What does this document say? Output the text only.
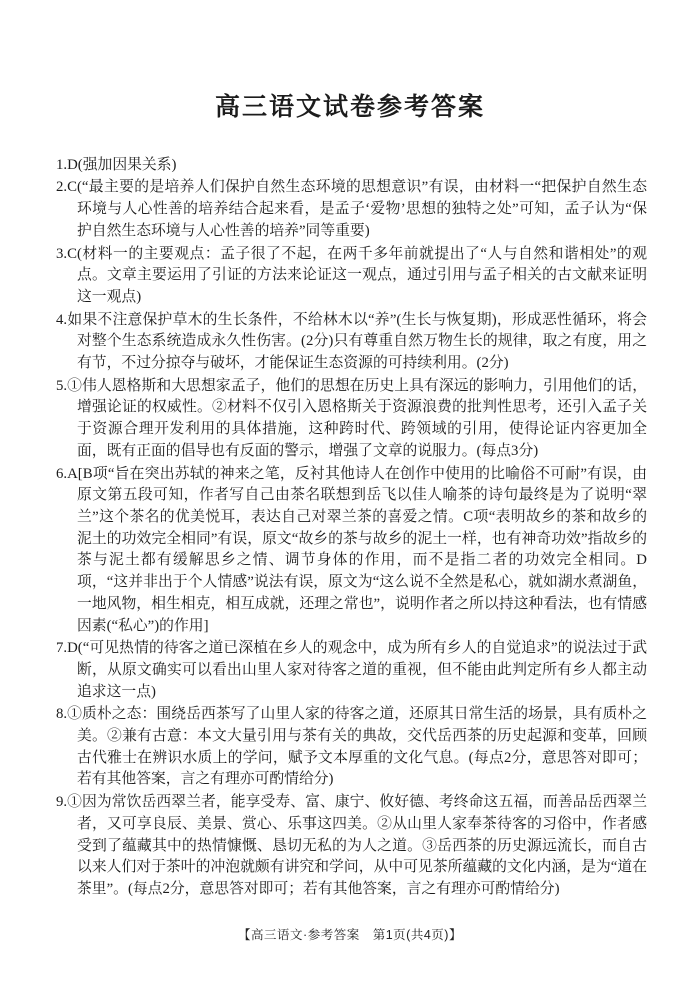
高三语文试卷参考答案

1.D(强加因果关系)

2.C(“最主要的是培养人们保护自然生态环境的思想意识”有误，由材料一“把保护自然生态环境与人心性善的培养结合起来看，是孟子‘爱物’思想的独特之处”可知，孟子认为“保护自然生态环境与人心性善的培养”同等重要)

3.C(材料一的主要观点：孟子很了不起，在两千多年前就提出了“人与自然和谐相处”的观点。文章主要运用了引证的方法来论证这一观点，通过引用与孟子相关的古文献来证明这一观点)

4.如果不注意保护草木的生长条件，不给林木以“养”(生长与恢复期)，形成恶性循环，将会对整个生态系统造成永久性伤害。(2分)只有尊重自然万物生长的规律，取之有度，用之有节，不过分掠夺与破坏，才能保证生态资源的可持续利用。(2分)

5.①伟人恩格斯和大思想家孟子，他们的思想在历史上具有深远的影响力，引用他们的话，增强论证的权威性。②材料不仅引入恩格斯关于资源浪费的批判性思考，还引入孟子关于资源合理开发利用的具体措施，这种跨时代、跨领域的引用，使得论证内容更加全面，既有正面的倡导也有反面的警示，增强了文章的说服力。(每点3分)

6.A[B项“旨在突出苏轼的神来之笔，反衬其他诗人在创作中使用的比喻俗不可耐”有误，由原文第五段可知，作者写自己由茶名联想到岳飞以佳人喻茶的诗句最终是为了说明“翠兰”这个茶名的优美悦耳，表达自己对翠兰茶的喜爱之情。C项“表明故乡的茶和故乡的泥土的功效完全相同”有误，原文“故乡的茶与故乡的泥土一样，也有神奇功效”指故乡的茶与泥土都有缓解思乡之情、调节身体的作用，而不是指二者的功效完全相同。D项，“这并非出于个人情感”说法有误，原文为“这么说不全然是私心，就如湖水煮湖鱼，一地风物，相生相克，相互成就，还理之常也”，说明作者之所以持这种看法，也有情感因素(“私心”)的作用]

7.D(“可见热情的待客之道已深植在乡人的观念中，成为所有乡人的自觉追求”的说法过于武断，从原文确实可以看出山里人家对待客之道的重视，但不能由此判定所有乡人都主动追求这一点)

8.①质朴之态：围绕岳西茶写了山里人家的待客之道，还原其日常生活的场景，具有质朴之美。②兼有古意：本文大量引用与茶有关的典故，交代岳西茶的历史起源和变革，回顾古代雅士在辨识水质上的学问，赋予文本厚重的文化气息。(每点2分，意思答对即可；若有其他答案，言之有理亦可酌情给分)

9.①因为常饮岳西翠兰者，能享受寿、富、康宁、攸好德、考终命这五福，而善品岳西翠兰者，又可享良辰、美景、赏心、乐事这四美。②从山里人家奉茶待客的习俗中，作者感受到了蕴藏其中的热情慷慨、恳切无私的为人之道。③岳西茶的历史源远流长，而自古以来人们对于茶叶的冲泡就颇有讲究和学问，从中可见茶所蕴藏的文化内涵，是为“道在茶里”。(每点2分，意思答对即可；若有其他答案，言之有理亦可酌情给分)

【高三语文·参考答案　第1页(共4页)】
